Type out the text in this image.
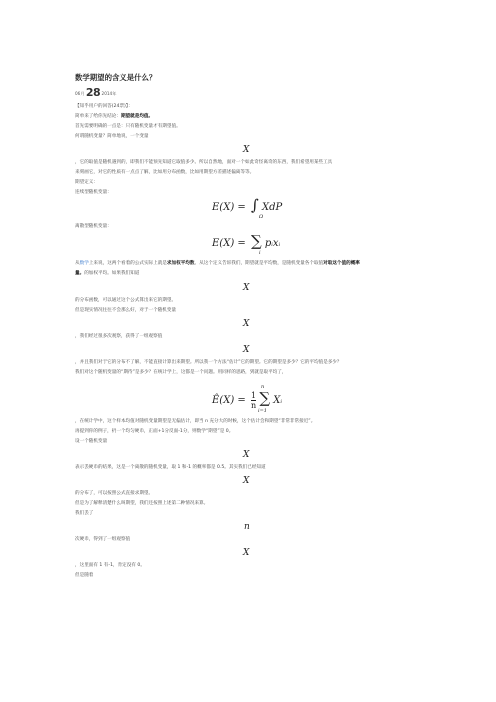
数学期望的含义是什么？
06月 28 2014年
【知乎用户的回答(24票)】：
简单来了给你先结论：期望就是均值。
首先需要明确的一点是：只有随机变量才有期望值。
何谓随机变量？简单地说，一个变量
X
，它的取值是随机遇到的，即我们不能预先知道它取值多少。所以自然地，面对一个如此奇怪离奇的东西，我们希望用某些工具
来刻画它，对它的性质有一点点了解，比如用分布函数，比如用期望方差描述偏离等等。
期望定义：
连续型随机变量：
E(X) = ∫ XdP
Ω
离散型随机变量：
E(X) = ∑ pixi
i
从数学上来说，这两个看着的公式实际上就是求加权平均数。从这个定义告诉我们，期望就是平均数，是随机变量各个取值对取这个值的概率
量。的加权平均。如果我们知道
X
的分布函数，可以通过这个公式算出来它的期望。
但是现实情况往往不会那么好，对于一个随机变量
X
，我们经过很多次观察，获得了一组观察值
X
，并且我们对于它的分布不了解，不能直接计算出来期望。所以我一个方法“估计”它的期望。它的期望是多少？它的平均值是多少？
我们对这个随机变量的“期待”是多少？在统计学上，这都是一个问题。用同样的思路，到就是取平均了，
Ê(X) = $\frac{1}{n}$ ∑ Xi
n
i=1
，在统计学中，这个样本均值对随机变量期望是无偏估计，即当 n 充分大的时候，这个估计会和期望“非常非常接近”。
再提到你的例子，扔一个均匀硬币，正面+1分反面-1分，则数学“期望”是 0。
设一个随机变量
X
表示丢硬币的结果，这是一个离散的随机变量，取 1 和-1 的概率都是 0.5。其实我们已经知道
X
的分布了，可以按照公式直接求期望。
但是为了解释清楚什么叫期望，我们还按照上述第二种情况来算。
我们丢了
n
次硬币，得到了一组观察值
X
，这里面有 1 有-1，肯定没有 0。
但是随着
